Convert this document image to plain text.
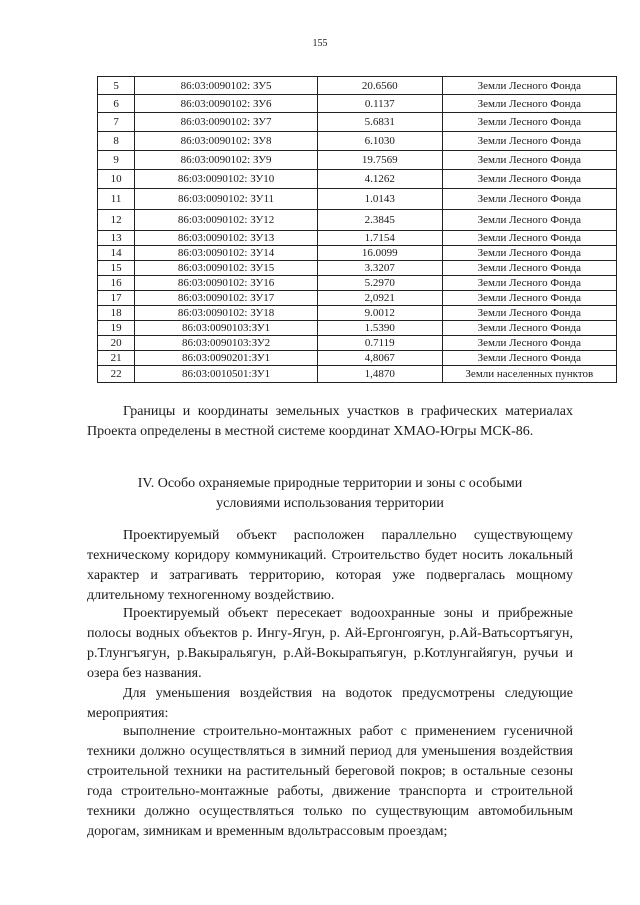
155
5	86:03:0090102: ЗУ5	20.6560	Земли Лесного Фонда
6	86:03:0090102: ЗУ6	0.1137	Земли Лесного Фонда
7	86:03:0090102: ЗУ7	5.6831	Земли Лесного Фонда
8	86:03:0090102: ЗУ8	6.1030	Земли Лесного Фонда
9	86:03:0090102: ЗУ9	19.7569	Земли Лесного Фонда
10	86:03:0090102: ЗУ10	4.1262	Земли Лесного Фонда
11	86:03:0090102: ЗУ11	1.0143	Земли Лесного Фонда
12	86:03:0090102: ЗУ12	2.3845	Земли Лесного Фонда
13	86:03:0090102: ЗУ13	1.7154	Земли Лесного Фонда
14	86:03:0090102: ЗУ14	16.0099	Земли Лесного Фонда
15	86:03:0090102: ЗУ15	3.3207	Земли Лесного Фонда
16	86:03:0090102: ЗУ16	5.2970	Земли Лесного Фонда
17	86:03:0090102: ЗУ17	2,0921	Земли Лесного Фонда
18	86:03:0090102: ЗУ18	9.0012	Земли Лесного Фонда
19	86:03:0090103:ЗУ1	1.5390	Земли Лесного Фонда
20	86:03:0090103:ЗУ2	0.7119	Земли Лесного Фонда
21	86:03:0090201:ЗУ1	4,8067	Земли Лесного Фонда
22	86:03:0010501:ЗУ1	1,4870	Земли населенных пунктов
Границы и координаты земельных участков в графических материалах Проекта определены в местной системе координат ХМАО-Югры МСК-86.
IV. Особо охраняемые природные территории и зоны с особыми
условиями использования территории
Проектируемый объект расположен параллельно существующему техническому коридору коммуникаций. Строительство будет носить локальный характер и затрагивать территорию, которая уже подвергалась мощному длительному техногенному воздействию.
Проектируемый объект пересекает водоохранные зоны и прибрежные полосы водных объектов р. Ингу-Ягун, р. Ай-Ергонгоягун, р.Ай-Ватьсортъягун, р.Тлунгъягун, р.Вакыральягун, р.Ай-Вокырапъягун, р.Котлунгайягун, ручьи и озера без названия.
Для уменьшения воздействия на водоток предусмотрены следующие мероприятия:
выполнение строительно-монтажных работ с применением гусеничной техники должно осуществляться в зимний период для уменьшения воздействия строительной техники на растительный береговой покров; в остальные сезоны года строительно-монтажные работы, движение транспорта и строительной техники должно осуществляться только по существующим автомобильным дорогам, зимникам и временным вдольтрассовым проездам;
